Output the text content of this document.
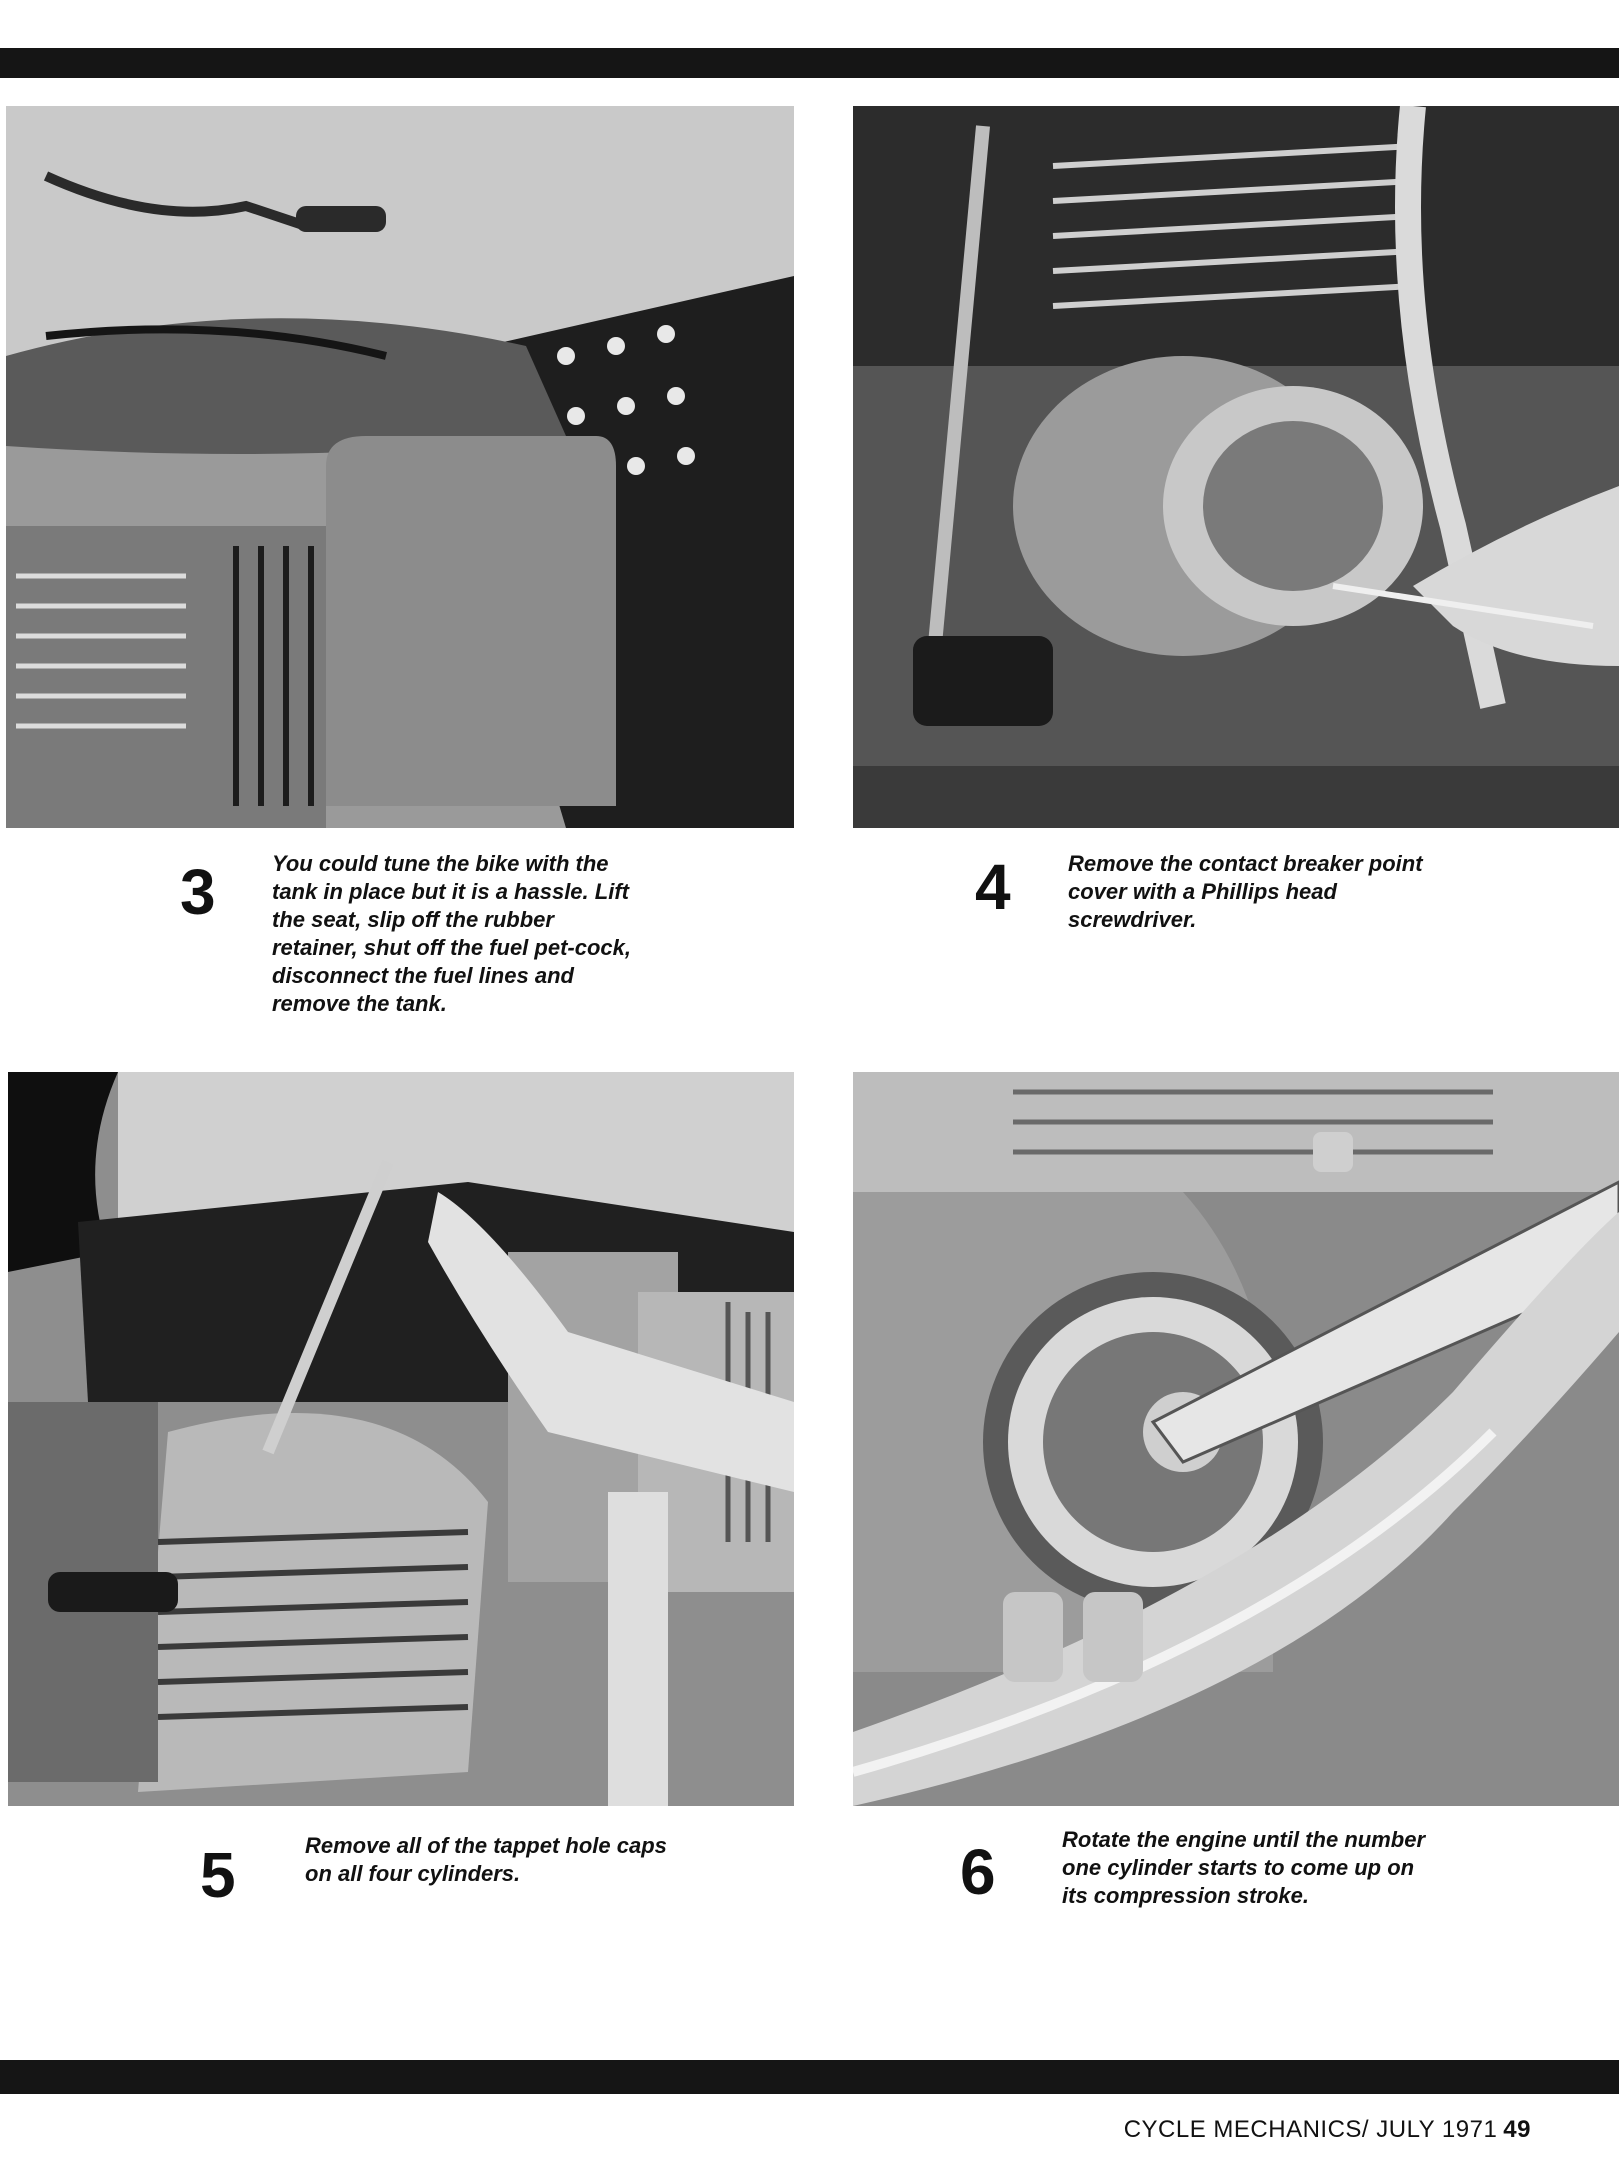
3	You could tune the bike with the
tank in place but it is a hassle. Lift
the seat, slip off the rubber
retainer, shut off the fuel pet-cock,
disconnect the fuel lines and
remove the tank.
4	Remove the contact breaker point
cover with a Phillips head
screwdriver.
5	Remove all of the tappet hole caps
on all four cylinders.	6	Rotate the engine until the number
one cylinder starts to come up on
its compression stroke.
CYCLE MECHANICS/ JULY 1971 49
